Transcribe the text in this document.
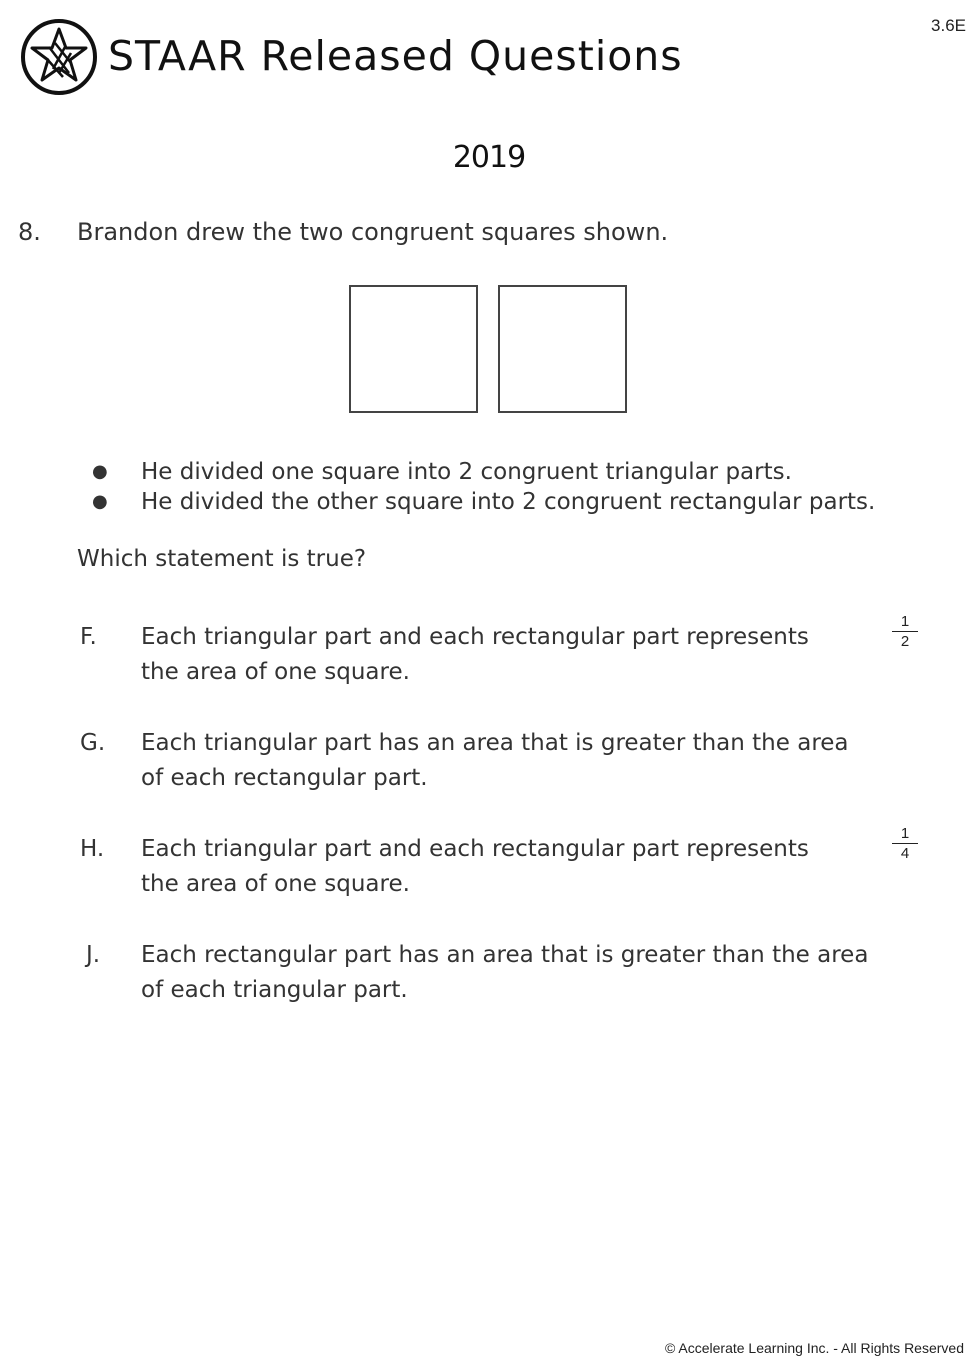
3.6E
STAAR Released Questions
2019
8. Brandon drew the two congruent squares shown.
● He divided one square into 2 congruent triangular parts.
● He divided the other square into 2 congruent rectangular parts.
Which statement is true?
F. Each triangular part and each rectangular part represents	$\frac{1}{2}$
the area of one square.
G. Each triangular part has an area that is greater than the area
of each rectangular part.
H. Each triangular part and each rectangular part represents	$\frac{1}{4}$
the area of one square.
J. Each rectangular part has an area that is greater than the area
of each triangular part.
© Accelerate Learning Inc. - All Rights Reserved
